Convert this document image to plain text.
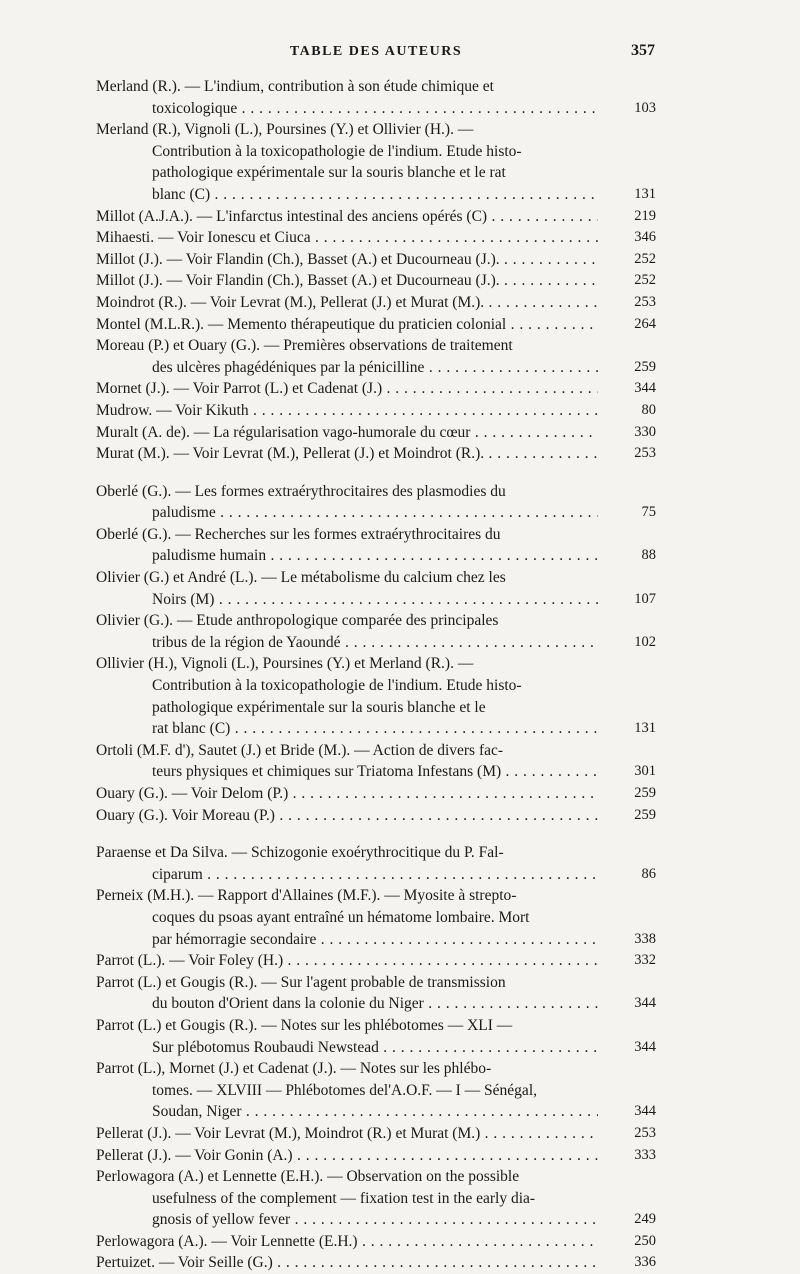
TABLE DES AUTEURS	357
Merland (R.). — L'indium, contribution à son étude chimique et
toxicologique . . .	103
Merland (R.), Vignoli (L.), Poursines (Y.) et Ollivier (H.). —
Contribution à la toxicopathologie de l'indium. Etude histo-
pathologique expérimentale sur la souris blanche et le rat
blanc (C) . . .	131
Millot (A.J.A.). — L'infarctus intestinal des anciens opérés (C) . . .	219
Mihaesti. — Voir Ionescu et Ciuca . . .	346
Millot (J.). — Voir Flandin (Ch.), Basset (A.) et Ducourneau (J.). . . .	252
Millot (J.). — Voir Flandin (Ch.), Basset (A.) et Ducourneau (J.). . . .	252
Moindrot (R.). — Voir Levrat (M.), Pellerat (J.) et Murat (M.). . . .	253
Montel (M.L.R.). — Memento thérapeutique du praticien colonial . . .	264
Moreau (P.) et Ouary (G.). — Premières observations de traitement
des ulcères phagédéniques par la pénicilline . . .	259
Mornet (J.). — Voir Parrot (L.) et Cadenat (J.) . . .	344
Mudrow. — Voir Kikuth . . .	80
Muralt (A. de). — La régularisation vago-humorale du cœur . . .	330
Murat (M.). — Voir Levrat (M.), Pellerat (J.) et Moindrot (R.). . . .	253
Oberlé (G.). — Les formes extraérythrocitaires des plasmodies du
paludisme . . .	75
Oberlé (G.). — Recherches sur les formes extraérythrocitaires du
paludisme humain . . .	88
Olivier (G.) et André (L.). — Le métabolisme du calcium chez les
Noirs (M) . . .	107
Olivier (G.). — Etude anthropologique comparée des principales
tribus de la région de Yaoundé . . .	102
Ollivier (H.), Vignoli (L.), Poursines (Y.) et Merland (R.). —
Contribution à la toxicopathologie de l'indium. Etude histo-
pathologique expérimentale sur la souris blanche et le
rat blanc (C) . . .	131
Ortoli (M.F. d'), Sautet (J.) et Bride (M.). — Action de divers fac-
teurs physiques et chimiques sur Triatoma Infestans (M) . . .	301
Ouary (G.). — Voir Delom (P.) . . .	259
Ouary (G.). Voir Moreau (P.) . . .	259
Paraense et Da Silva. — Schizogonie exoérythrocitique du P. Fal-
ciparum . . .	86
Perneix (M.H.). — Rapport d'Allaines (M.F.). — Myosite à strepto-
coques du psoas ayant entraîné un hématome lombaire. Mort
par hémorragie secondaire . . .	338
Parrot (L.). — Voir Foley (H.) . . .	332
Parrot (L.) et Gougis (R.). — Sur l'agent probable de transmission
du bouton d'Orient dans la colonie du Niger . . .	344
Parrot (L.) et Gougis (R.). — Notes sur les phlébotomes — XLI —
Sur plébotomus Roubaudi Newstead . . .	344
Parrot (L.), Mornet (J.) et Cadenat (J.). — Notes sur les phlébo-
tomes. — XLVIII — Phlébotomes del'A.O.F. — I — Sénégal,
Soudan, Niger . . .	344
Pellerat (J.). — Voir Levrat (M.), Moindrot (R.) et Murat (M.) . . .	253
Pellerat (J.). — Voir Gonin (A.) . . .	333
Perlowagora (A.) et Lennette (E.H.). — Observation on the possible
usefulness of the complement — fixation test in the early dia-
gnosis of yellow fever . . .	249
Perlowagora (A.). — Voir Lennette (E.H.) . . .	250
Pertuizet. — Voir Seille (G.) . . .	336
